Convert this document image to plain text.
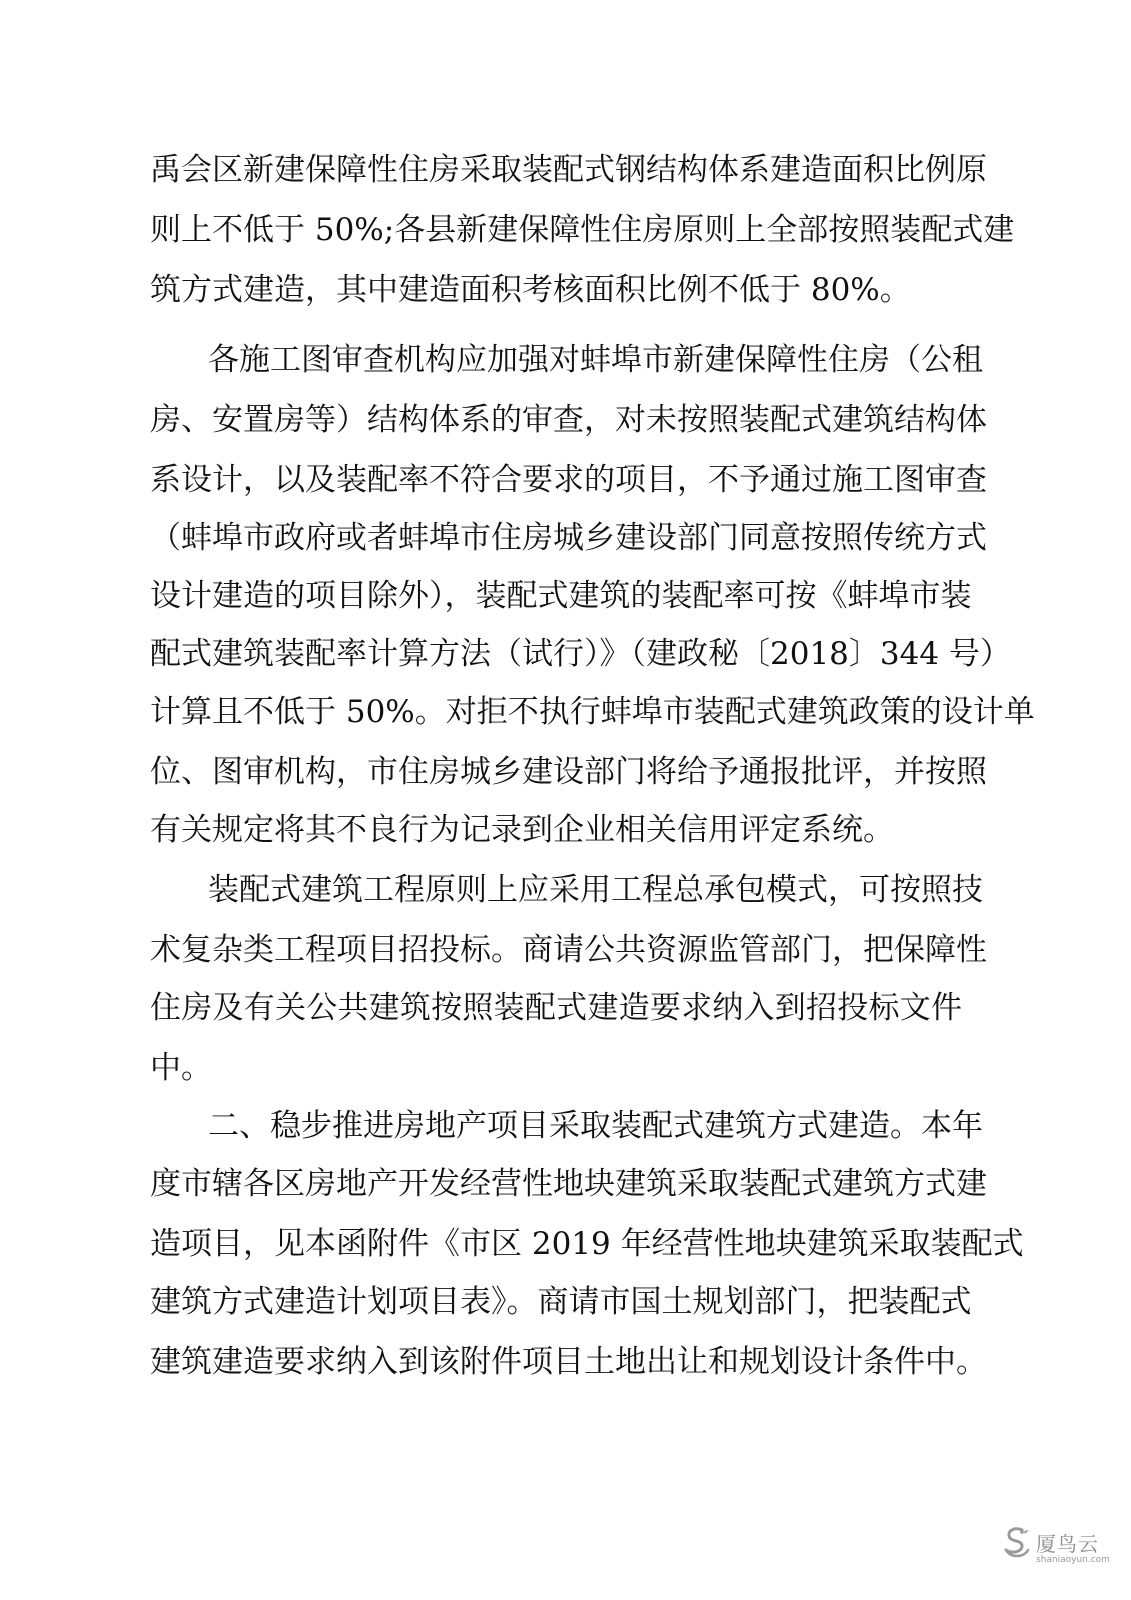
禹会区新建保障性住房采取装配式钢结构体系建造面积比例原
则上不低于 50%;各县新建保障性住房原则上全部按照装配式建
筑方式建造，其中建造面积考核面积比例不低于 80%。
各施工图审查机构应加强对蚌埠市新建保障性住房（公租
房、安置房等）结构体系的审查，对未按照装配式建筑结构体
系设计，以及装配率不符合要求的项目，不予通过施工图审查
（蚌埠市政府或者蚌埠市住房城乡建设部门同意按照传统方式
设计建造的项目除外），装配式建筑的装配率可按《蚌埠市装
配式建筑装配率计算方法（试行）》（建政秘〔2018〕344 号）
计算且不低于 50%。对拒不执行蚌埠市装配式建筑政策的设计单
位、图审机构，市住房城乡建设部门将给予通报批评，并按照
有关规定将其不良行为记录到企业相关信用评定系统。
装配式建筑工程原则上应采用工程总承包模式，可按照技
术复杂类工程项目招投标。商请公共资源监管部门，把保障性
住房及有关公共建筑按照装配式建造要求纳入到招投标文件
中。
二、稳步推进房地产项目采取装配式建筑方式建造。本年
度市辖各区房地产开发经营性地块建筑采取装配式建筑方式建
造项目，见本函附件《市区 2019 年经营性地块建筑采取装配式
建筑方式建造计划项目表》。商请市国土规划部门，把装配式
建筑建造要求纳入到该附件项目土地出让和规划设计条件中。
厦鸟云
shaniaoyun.com
